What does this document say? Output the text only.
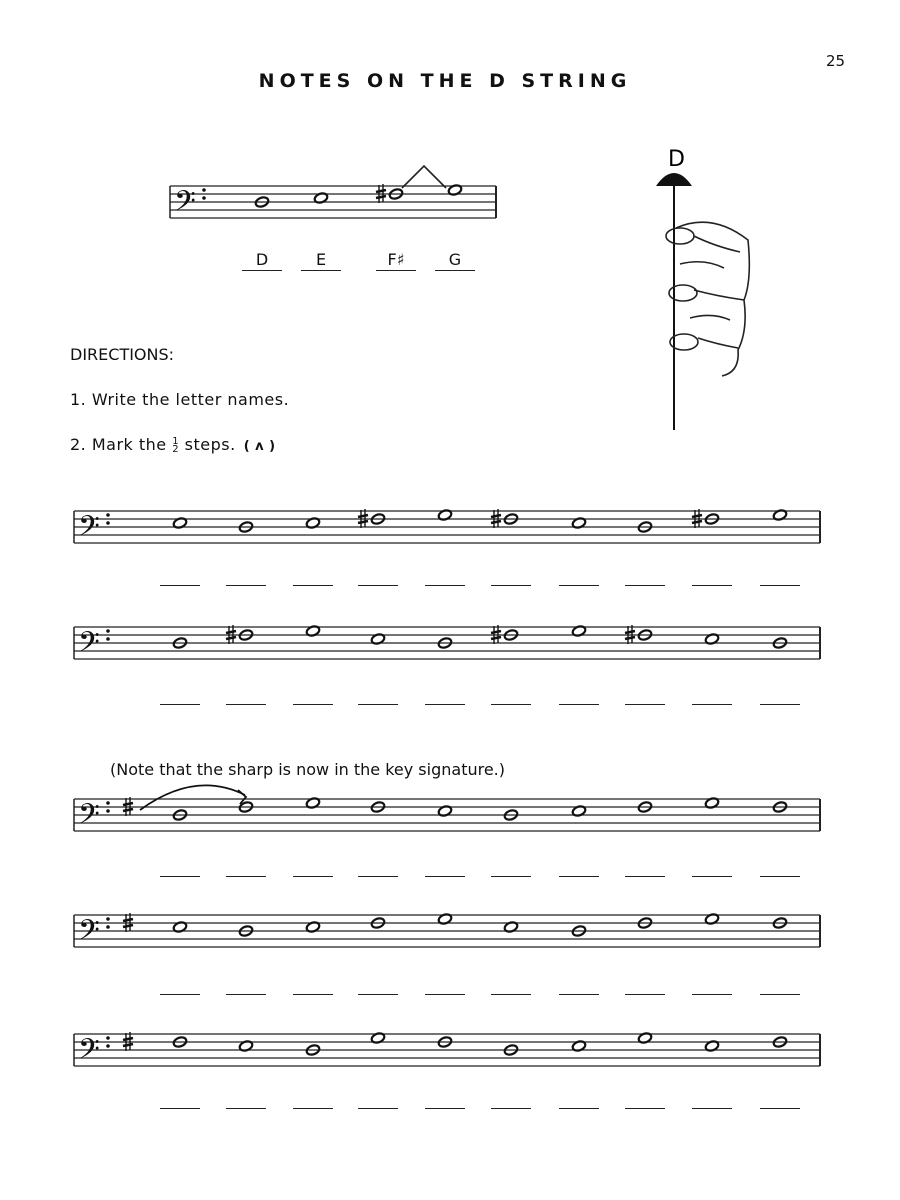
25
NOTES ON THE D STRING
𝄢
D
𝄢
𝄢
𝄢
𝄢
𝄢
D	E	F♯	G
DIRECTIONS:
1. Write the letter names.
2. Mark the 1
2 steps. ( ʌ )
(Note that the sharp is now in the key signature.)
